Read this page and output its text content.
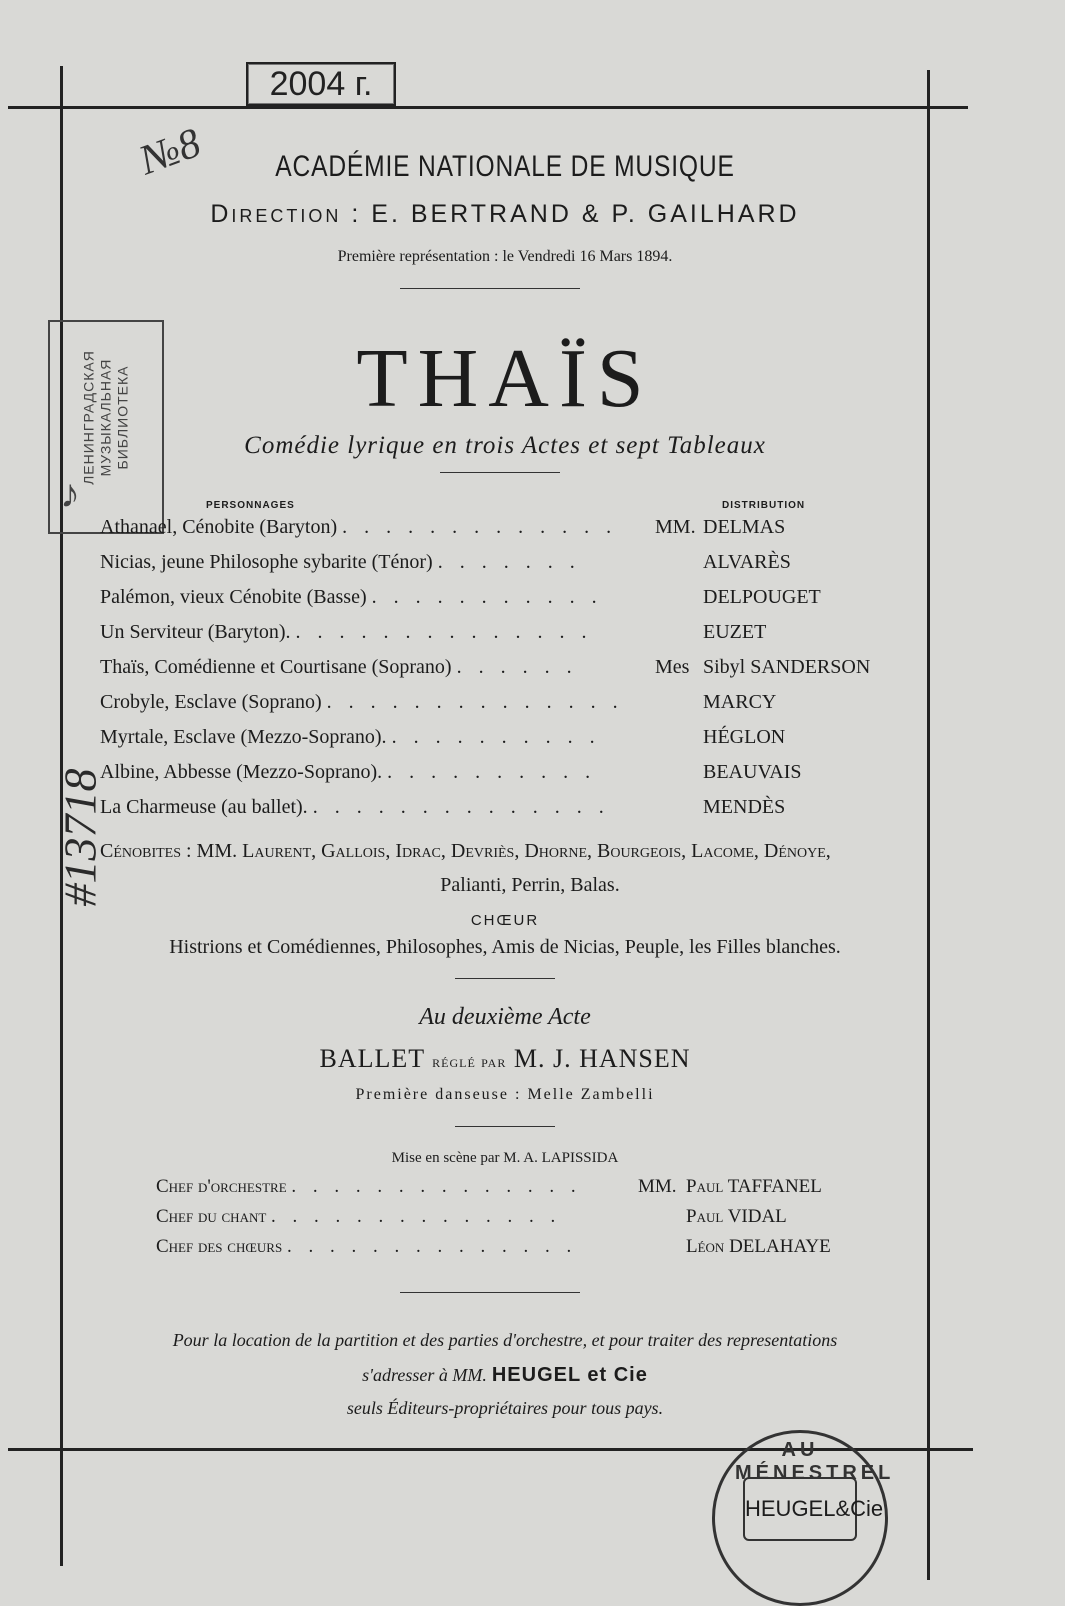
2004 г.
№8
#13718
ЛЕНИНГРАДСКАЯ МУЗЫКАЛЬНАЯ БИБЛИОТЕКА
♪
ACADÉMIE NATIONALE DE MUSIQUE
Direction : E. BERTRAND & P. GAILHARD
Première représentation : le Vendredi 16 Mars 1894.
THAÏS
Comédie lyrique en trois Actes et sept Tableaux
PERSONNAGES	DISTRIBUTION
Athanael, Cénobite (Baryton) . . . . . . . . . . . . . MM. DELMAS
Nicias, jeune Philosophe sybarite (Ténor) . . . . . . .	ALVARÈS
Palémon, vieux Cénobite (Basse) . . . . . . . . . . .	DELPOUGET
Un Serviteur (Baryton). . . . . . . . . . . . . . .	EUZET
Thaïs, Comédienne et Courtisane (Soprano) . . . . . .	Mes Sibyl SANDERSON
Crobyle, Esclave (Soprano) . . . . . . . . . . . . . .	MARCY
Myrtale, Esclave (Mezzo-Soprano). . . . . . . . . . .	HÉGLON
Albine, Abbesse (Mezzo-Soprano). . . . . . . . . . .	BEAUVAIS
La Charmeuse (au ballet). . . . . . . . . . . . . . .	MENDÈS
Cénobites : MM. Laurent, Gallois, Idrac, Devriès, Dhorne, Bourgeois, Lacome, Dénoye,
Palianti, Perrin, Balas.
CHŒUR
Histrions et Comédiennes, Philosophes, Amis de Nicias, Peuple, les Filles blanches.
Au deuxième Acte
BALLET réglé par M. J. HANSEN
Première danseuse : Melle Zambelli
Mise en scène par M. A. LAPISSIDA
Chef d'orchestre . . . . . . . . . . . . . .	MM. Paul TAFFANEL
Chef du chant . . . . . . . . . . . . . .	Paul VIDAL
Chef des chœurs . . . . . . . . . . . . . .	Léon DELAHAYE
Pour la location de la partition et des parties d'orchestre, et pour traiter des representations
s'adresser à MM. HEUGEL et Cie
seuls Éditeurs-propriétaires pour tous pays.
AU MÉNESTREL
HEUGEL&Cie
